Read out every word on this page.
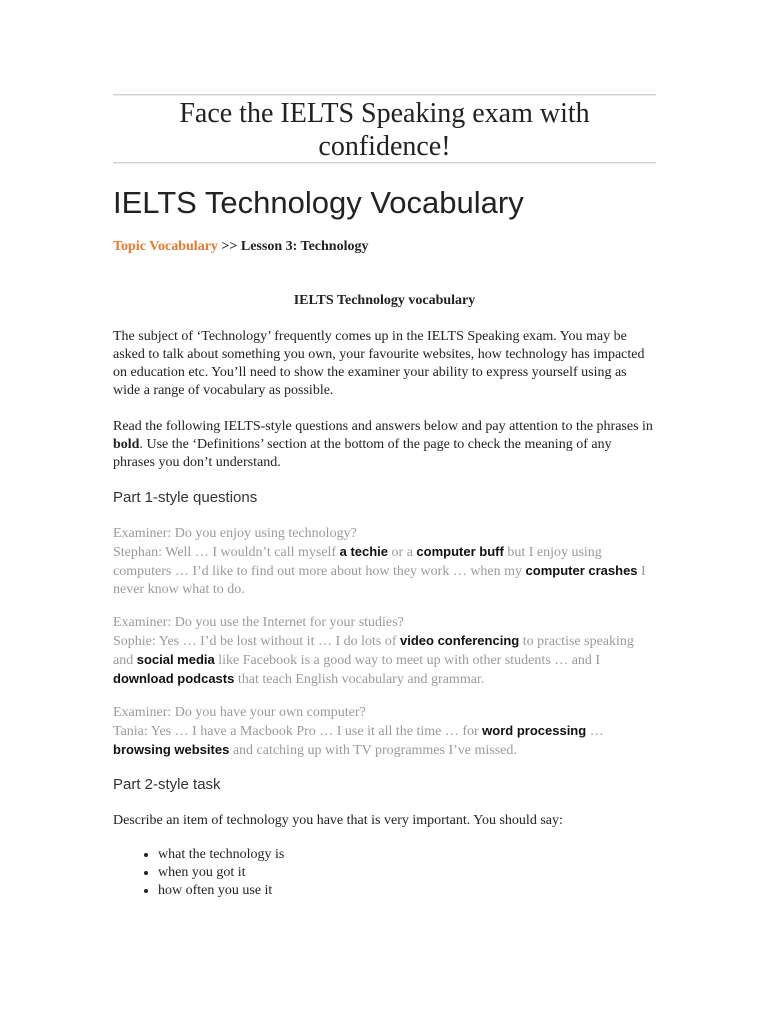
Face the IELTS Speaking exam with confidence!
IELTS Technology Vocabulary
Topic Vocabulary >> Lesson 3: Technology
IELTS Technology vocabulary

The subject of ‘Technology’ frequently comes up in the IELTS Speaking exam. You may be asked to talk about something you own, your favourite websites, how technology has impacted on education etc. You’ll need to show the examiner your ability to express yourself using as wide a range of vocabulary as possible.

Read the following IELTS-style questions and answers below and pay attention to the phrases in bold. Use the ‘Definitions’ section at the bottom of the page to check the meaning of any phrases you don’t understand.

Part 1-style questions

Examiner: Do you enjoy using technology?
Stephan: Well … I wouldn’t call myself a techie or a computer buff but I enjoy using computers … I’d like to find out more about how they work … when my computer crashes I never know what to do.

Examiner: Do you use the Internet for your studies?
Sophie: Yes … I’d be lost without it … I do lots of video conferencing to practise speaking and social media like Facebook is a good way to meet up with other students … and I download podcasts that teach English vocabulary and grammar.

Examiner: Do you have your own computer?
Tania: Yes … I have a Macbook Pro … I use it all the time … for word processing … browsing websites and catching up with TV programmes I’ve missed.

Part 2-style task

Describe an item of technology you have that is very important. You should say:

• what the technology is
• when you got it
• how often you use it
